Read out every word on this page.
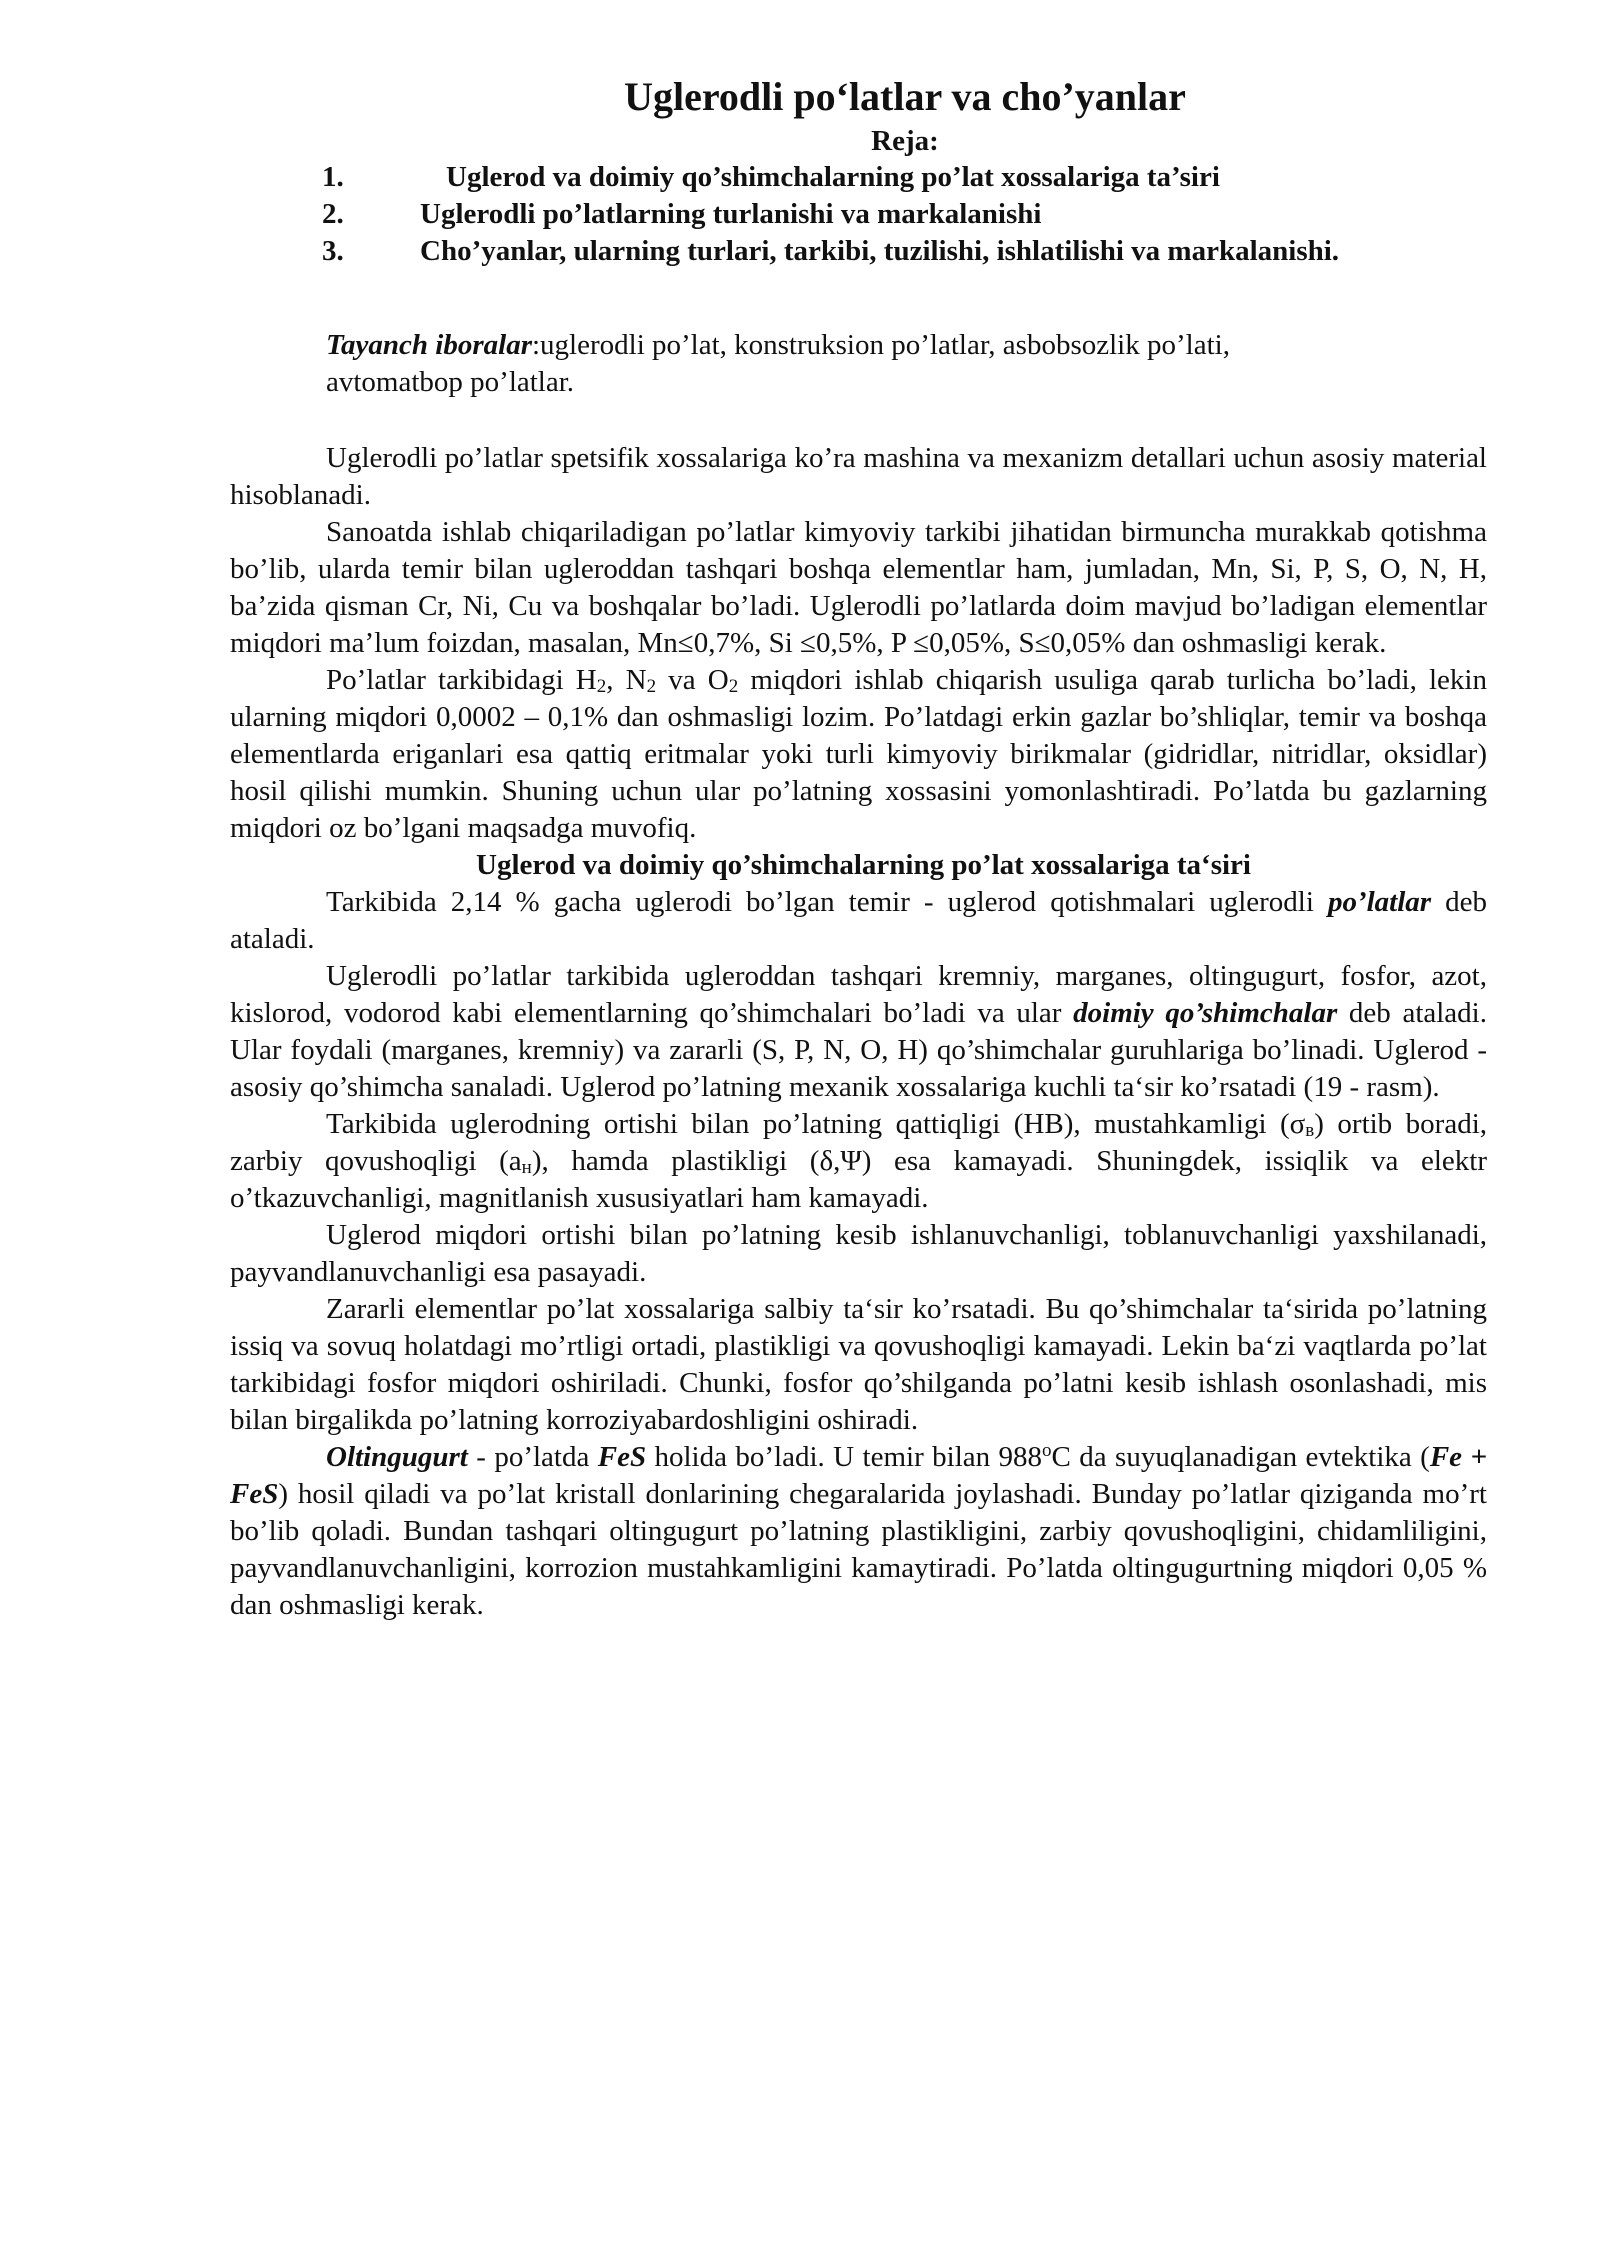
Uglerodli po‘latlar va cho’yanlar
Reja:
1.	Uglerod va doimiy qo’shimchalarning po’lat xossalariga ta’siri
2.	Uglerodli po’latlarning turlanishi va markalanishi
3.	Cho’yanlar, ularning turlari, tarkibi, tuzilishi, ishlatilishi va markalanishi.

Tayanch iboralar:uglerodli po’lat, konstruksion po’latlar, asbobsozlik po’lati,

avtomatbop po’latlar.

Uglerodli po’latlar spetsifik xossalariga ko’ra mashina va mexanizm detallari uchun asosiy material hisoblanadi.

Sanoatda ishlab chiqariladigan po’latlar kimyoviy tarkibi jihatidan birmuncha murakkab qotishma bo’lib, ularda temir bilan ugleroddan tashqari boshqa elementlar ham, jumladan, Mn, Si, P, S, O, N, H, ba’zida qisman Cr, Ni, Cu va boshqalar bo’ladi. Uglerodli po’latlarda doim mavjud bo’ladigan elementlar miqdori ma’lum foizdan, masalan, Mn≤0,7%, Si ≤0,5%, P ≤0,05%, S≤0,05% dan oshmasligi kerak.

Po’latlar tarkibidagi $H_2$, $N_2$ va $O_2$ miqdori ishlab chiqarish usuliga qarab turlicha bo’ladi, lekin ularning miqdori 0,0002 – 0,1% dan oshmasligi lozim. Po’latdagi erkin gazlar bo’shliqlar, temir va boshqa elementlarda eriganlari esa qattiq eritmalar yoki turli kimyoviy birikmalar (gidridlar, nitridlar, oksidlar) hosil qilishi mumkin. Shuning uchun ular po’latning xossasini yomonlashtiradi. Po’latda bu gazlarning miqdori oz bo’lgani maqsadga muvofiq.

Uglerod va doimiy qo’shimchalarning po’lat xossalariga ta‘siri

Tarkibida 2,14 % gacha uglerodi bo’lgan temir - uglerod qotishmalari uglerodli po’latlar deb ataladi.

Uglerodli po’latlar tarkibida ugleroddan tashqari kremniy, marganes, oltingugurt, fosfor, azot, kislorod, vodorod kabi elementlarning qo’shimchalari bo’ladi va ular doimiy qo’shimchalar deb ataladi. Ular foydali (marganes, kremniy) va zararli (S, P, N, O, H) qo’shimchalar guruhlariga bo’linadi. Uglerod - asosiy qo’shimcha sanaladi. Uglerod po’latning mexanik xossalariga kuchli ta‘sir ko’rsatadi (19 - rasm).

Tarkibida uglerodning ortishi bilan po’latning qattiqligi (HB), mustahkamligi $(\sigma_в)$ ortib boradi, zarbiy qovushoqligi $(a_н)$, hamda plastikligi (δ,Ψ) esa kamayadi. Shuningdek, issiqlik va elektr o’tkazuvchanligi, magnitlanish xususiyatlari ham kamayadi.

Uglerod miqdori ortishi bilan po’latning kesib ishlanuvchanligi, toblanuvchanligi yaxshilanadi, payvandlanuvchanligi esa pasayadi.

Zararli elementlar po’lat xossalariga salbiy ta‘sir ko’rsatadi. Bu qo’shimchalar ta‘sirida po’latning issiq va sovuq holatdagi mo’rtligi ortadi, plastikligi va qovushoqligi kamayadi. Lekin ba‘zi vaqtlarda po’lat tarkibidagi fosfor miqdori oshiriladi. Chunki, fosfor qo’shilganda po’latni kesib ishlash osonlashadi, mis bilan birgalikda po’latning korroziyabardoshligini oshiradi.

Oltingugurt - po’latda FeS holida bo’ladi. U temir bilan 988$^o$C da suyuqlanadigan evtektika (Fe + FeS) hosil qiladi va po’lat kristall donlarining chegaralarida joylashadi. Bunday po’latlar qiziganda mo’rt bo’lib qoladi. Bundan tashqari oltingugurt po’latning plastikligini, zarbiy qovushoqligini, chidamliligini, payvandlanuvchanligini, korrozion mustahkamligini kamaytiradi. Po’latda oltingugurtning miqdori 0,05 % dan oshmasligi kerak.
